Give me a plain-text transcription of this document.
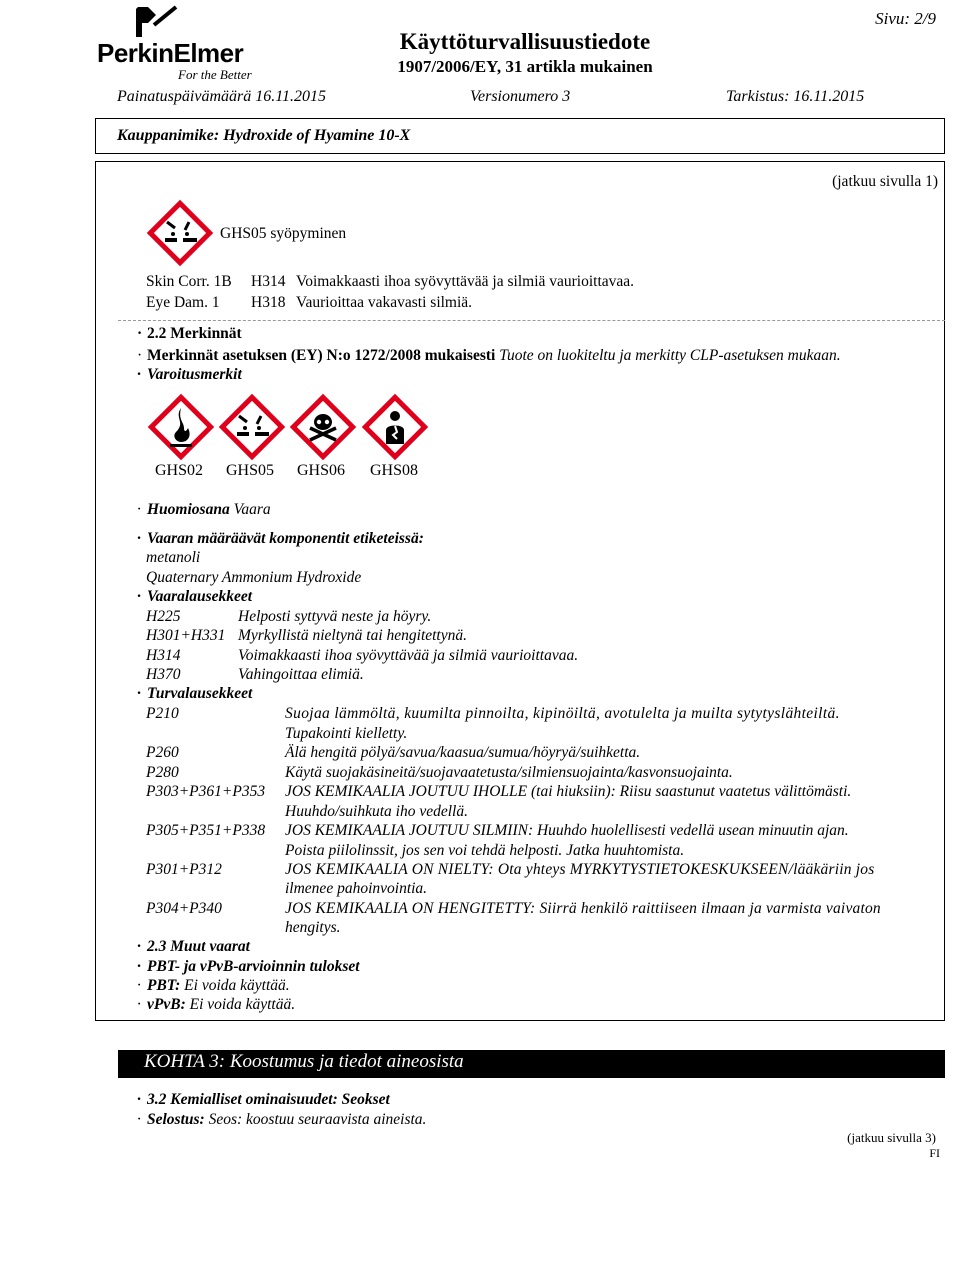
PerkinElmer
For the Better
Käyttöturvallisuustiedote
1907/2006/EY, 31 artikla mukainen
Sivu: 2/9
Painatuspäivämäärä 16.11.2015	Versionumero 3	Tarkistus: 16.11.2015
Kauppanimike: Hydroxide of Hyamine 10-X
(jatkuu sivulla 1)
GHS05 syöpyminen
Skin Corr. 1B H314 Voimakkaasti ihoa syövyttävää ja silmiä vaurioittavaa.
Eye Dam. 1 H318 Vaurioittaa vakavasti silmiä.
· 2.2 Merkinnät
· Merkinnät asetuksen (EY) N:o 1272/2008 mukaisesti Tuote on luokiteltu ja merkitty CLP-asetuksen mukaan.
· Varoitusmerkit
GHS02 GHS05 GHS06 GHS08
· Huomiosana Vaara
· Vaaran määräävät komponentit etiketeissä:
metanoli
Quaternary Ammonium Hydroxide
· Vaaralausekkeet
H225	Helposti syttyvä neste ja höyry.
H301+H331 Myrkyllistä nieltynä tai hengitettynä.
H314	Voimakkaasti ihoa syövyttävää ja silmiä vaurioittavaa.
H370	Vahingoittaa elimiä.
· Turvalausekkeet
P210	Suojaa lämmöltä, kuumilta pinnoilta, kipinöiltä, avotulelta ja muilta sytytyslähteiltä.
Tupakointi kielletty.
P260	Älä hengitä pölyä/savua/kaasua/sumua/höyryä/suihketta.
P280	Käytä suojakäsineitä/suojavaatetusta/silmiensuojainta/kasvonsuojainta.
P303+P361+P353 JOS KEMIKAALIA JOUTUU IHOLLE (tai hiuksiin): Riisu saastunut vaatetus välittömästi.
Huuhdo/suihkuta iho vedellä.
P305+P351+P338 JOS KEMIKAALIA JOUTUU SILMIIN: Huuhdo huolellisesti vedellä usean minuutin ajan.
Poista piilolinssit, jos sen voi tehdä helposti. Jatka huuhtomista.
P301+P312	JOS KEMIKAALIA ON NIELTY: Ota yhteys MYRKYTYSTIETOKESKUKSEEN/lääkäriin jos
ilmenee pahoinvointia.
P304+P340	JOS KEMIKAALIA ON HENGITETTY: Siirrä henkilö raittiiseen ilmaan ja varmista vaivaton
hengitys.
· 2.3 Muut vaarat
· PBT- ja vPvB-arvioinnin tulokset
· PBT: Ei voida käyttää.
· vPvB: Ei voida käyttää.
KOHTA 3: Koostumus ja tiedot aineosista
· 3.2 Kemialliset ominaisuudet: Seokset
· Selostus: Seos: koostuu seuraavista aineista.
(jatkuu sivulla 3)
FI
